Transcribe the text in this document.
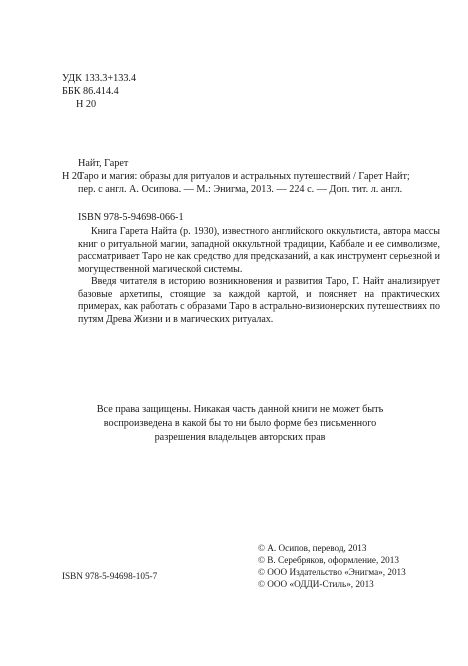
УДК 133.3+133.4
ББК 86.414.4
Н 20
Найт, Гарет
Н 20
Таро и магия: образы для ритуалов и астральных путешествий / Гарет Найт;
пер. с англ. А. Осипова. — М.: Энигма, 2013. — 224 с. — Доп. тит. л. англ.
ISBN 978-5-94698-066-1

Книга Гарета Найта (р. 1930), известного английского оккультиста, автора массы книг о ритуальной магии, западной оккультной традиции, Каббале и ее символизме, рассматривает Таро не как средство для предсказаний, а как инструмент серьезной и могущественной магической системы.

Введя читателя в историю возникновения и развития Таро, Г. Найт анализирует базовые архетипы, стоящие за каждой картой, и поясняет на практических примерах, как работать с образами Таро в астрально-визионерских путешествиях по путям Древа Жизни и в магических ритуалах.

Все права защищены. Никакая часть данной книги не может быть воспроизведена в какой бы то ни было форме без письменного разрешения владельцев авторских прав
© А. Осипов, перевод, 2013
© В. Серебряков, оформление, 2013
© ООО Издательство «Энигма», 2013
© ООО «ОДДИ-Стиль», 2013
ISBN 978-5-94698-105-7
